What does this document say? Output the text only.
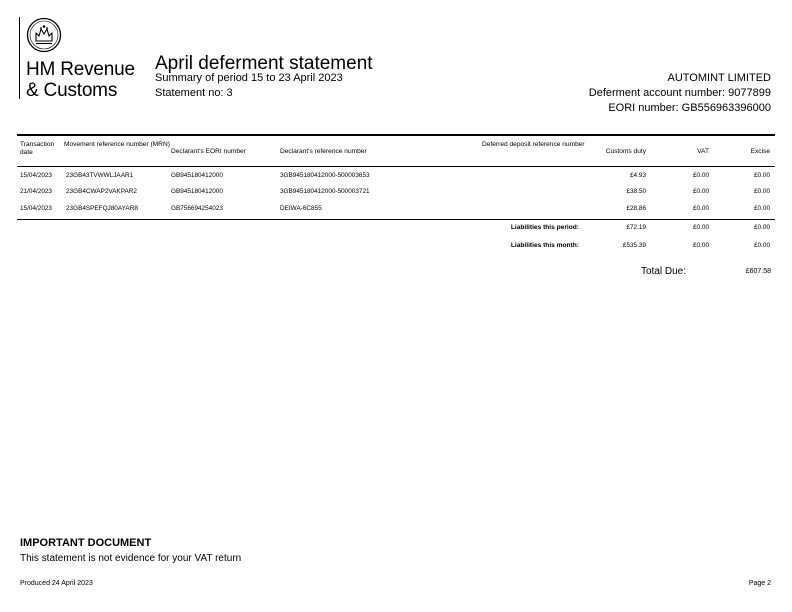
HM Revenue
& Customs
April deferment statement
Summary of period 15 to 23 April 2023
Statement no: 3
AUTOMINT LIMITED
Deferment account number: 9077899
EORI number: GB556963396000
Transaction date
Movement reference number (MRN)
Declarant's EORI number	Declarant's reference number
Deferred deposit reference number
Customs duty	VAT	Excise
15/04/2023 23GB43TVWWLJAAR1	GB945180412000	3GB945180412000-500003653	£4.93	£0.00	£0.00
21/04/2023 23GB4CWAP2VAKPAR2	GB945180412000	3GB945180412000-500003721	£38.50	£0.00	£0.00
15/04/2023 23GB4SPEFQJ80AYAR8	GB756694254023	DEIWA-6C855	£28.86	£0.00	£0.00
Liabilities this period:	£72.19	£0.00	£0.00
Liabilities this month:	£535.39	£0.00	£0.00
Total Due:	£607.58
IMPORTANT DOCUMENT
This statement is not evidence for your VAT return
Produced 24 April 2023	Page 2
